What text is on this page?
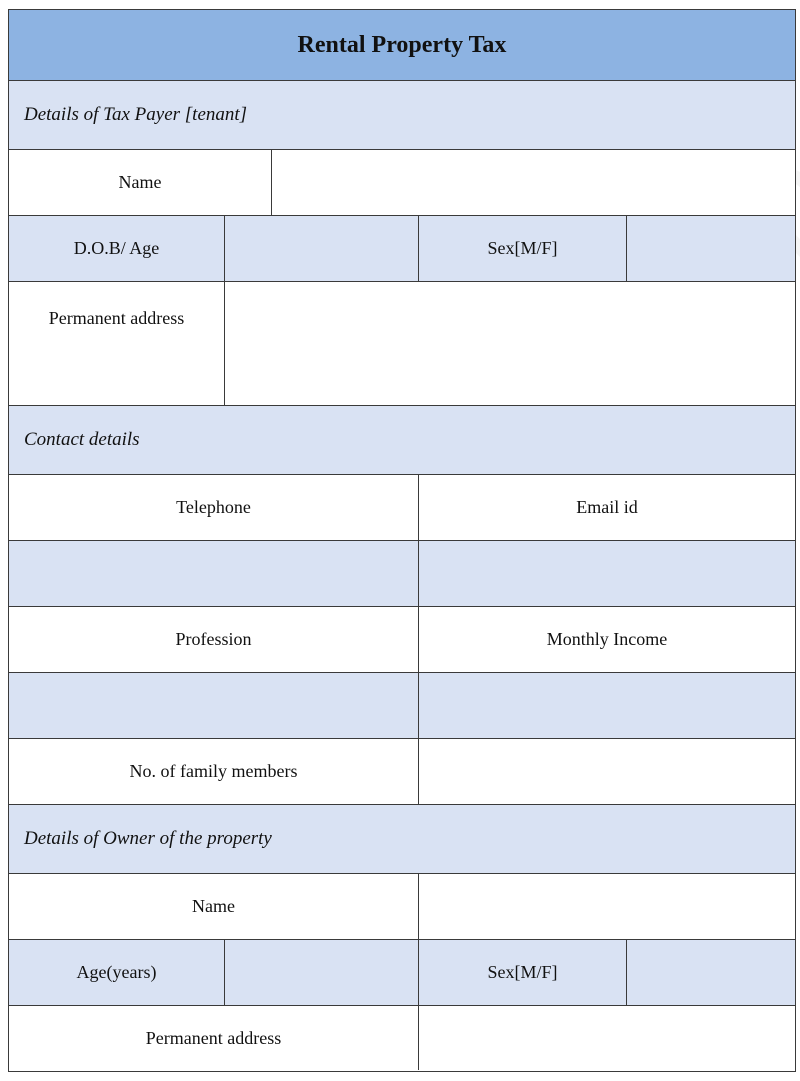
Rental Property Tax
Details of Tax Payer [tenant]
Name
D.O.B/ Age	Sex[M/F]
Permanent address
Contact details
Telephone	Email id
Profession	Monthly Income
No. of family members
Details of Owner of the property
Name
Age(years)	Sex[M/F]
Permanent address
